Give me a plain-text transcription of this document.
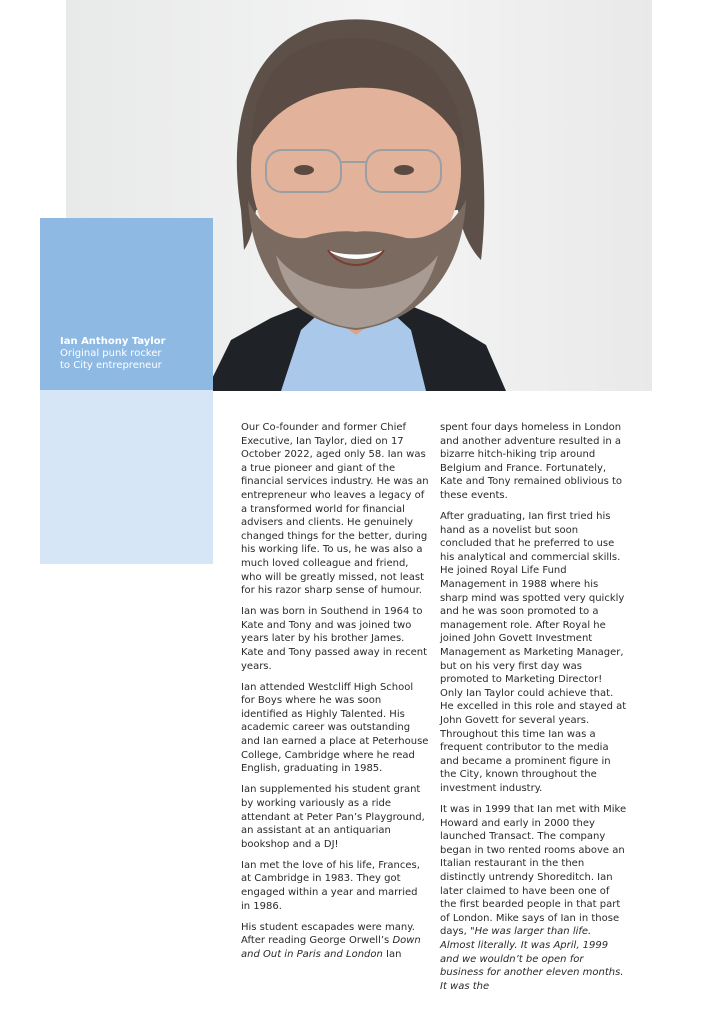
Ian Anthony Taylor
Original punk rocker
to City entrepreneur

Our Co-founder and former Chief Executive, Ian Taylor, died on 17 October 2022, aged only 58. Ian was a true pioneer and giant of the financial services industry. He was an entrepreneur who leaves a legacy of a transformed world for financial advisers and clients. He genuinely changed things for the better, during his working life. To us, he was also a much loved colleague and friend, who will be greatly missed, not least for his razor sharp sense of humour.

Ian was born in Southend in 1964 to Kate and Tony and was joined two years later by his brother James. Kate and Tony passed away in recent years.

Ian attended Westcliff High School for Boys where he was soon identified as Highly Talented. His academic career was outstanding and Ian earned a place at Peterhouse College, Cambridge where he read English, graduating in 1985.

Ian supplemented his student grant by working variously as a ride attendant at Peter Pan’s Playground, an assistant at an antiquarian bookshop and a DJ!

Ian met the love of his life, Frances, at Cambridge in 1983. They got engaged within a year and married in 1986.

His student escapades were many. After reading George Orwell’s Down and Out in Paris and London Ian

spent four days homeless in London and another adventure resulted in a bizarre hitch-hiking trip around Belgium and France. Fortunately, Kate and Tony remained oblivious to these events.

After graduating, Ian first tried his hand as a novelist but soon concluded that he preferred to use his analytical and commercial skills. He joined Royal Life Fund Management in 1988 where his sharp mind was spotted very quickly and he was soon promoted to a management role. After Royal he joined John Govett Investment Management as Marketing Manager, but on his very first day was promoted to Marketing Director! Only Ian Taylor could achieve that. He excelled in this role and stayed at John Govett for several years. Throughout this time Ian was a frequent contributor to the media and became a prominent figure in the City, known throughout the investment industry.

It was in 1999 that Ian met with Mike Howard and early in 2000 they launched Transact. The company began in two rented rooms above an Italian restaurant in the then distinctly untrendy Shoreditch. Ian later claimed to have been one of the first bearded people in that part of London. Mike says of Ian in those days, "He was larger than life. Almost literally. It was April, 1999 and we wouldn’t be open for business for another eleven months. It was the
